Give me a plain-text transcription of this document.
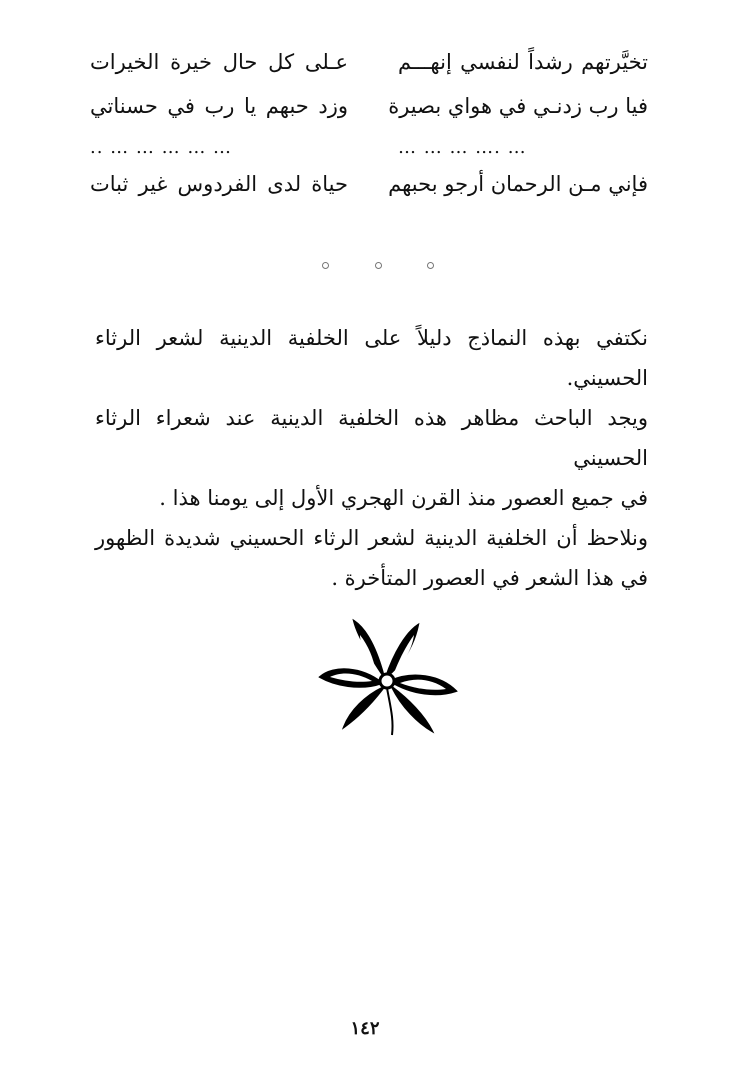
تخيَّرتهم رشداً لنفسي إنهـــم
عـلى كل حال خيرة الخيرات
فيا رب زدنـي في هواي بصيرة
وزد حبهم يا رب في حسناتي
… … … …. …
.. … … … … …
فإني مـن الرحمان أرجو بحبهم
حياة لدى الفردوس غير ثبات

نكتفي بهذه النماذج دليلاً على الخلفية الدينية لشعر الرثاء الحسيني.

ويجد الباحث مظاهر هذه الخلفية الدينية عند شعراء الرثاء الحسيني
في جميع العصور منذ القرن الهجري الأول إلى يومنا هذا .

ونلاحظ أن الخلفية الدينية لشعر الرثاء الحسيني شديدة الظهور
في هذا الشعر في العصور المتأخرة .

١٤٢
